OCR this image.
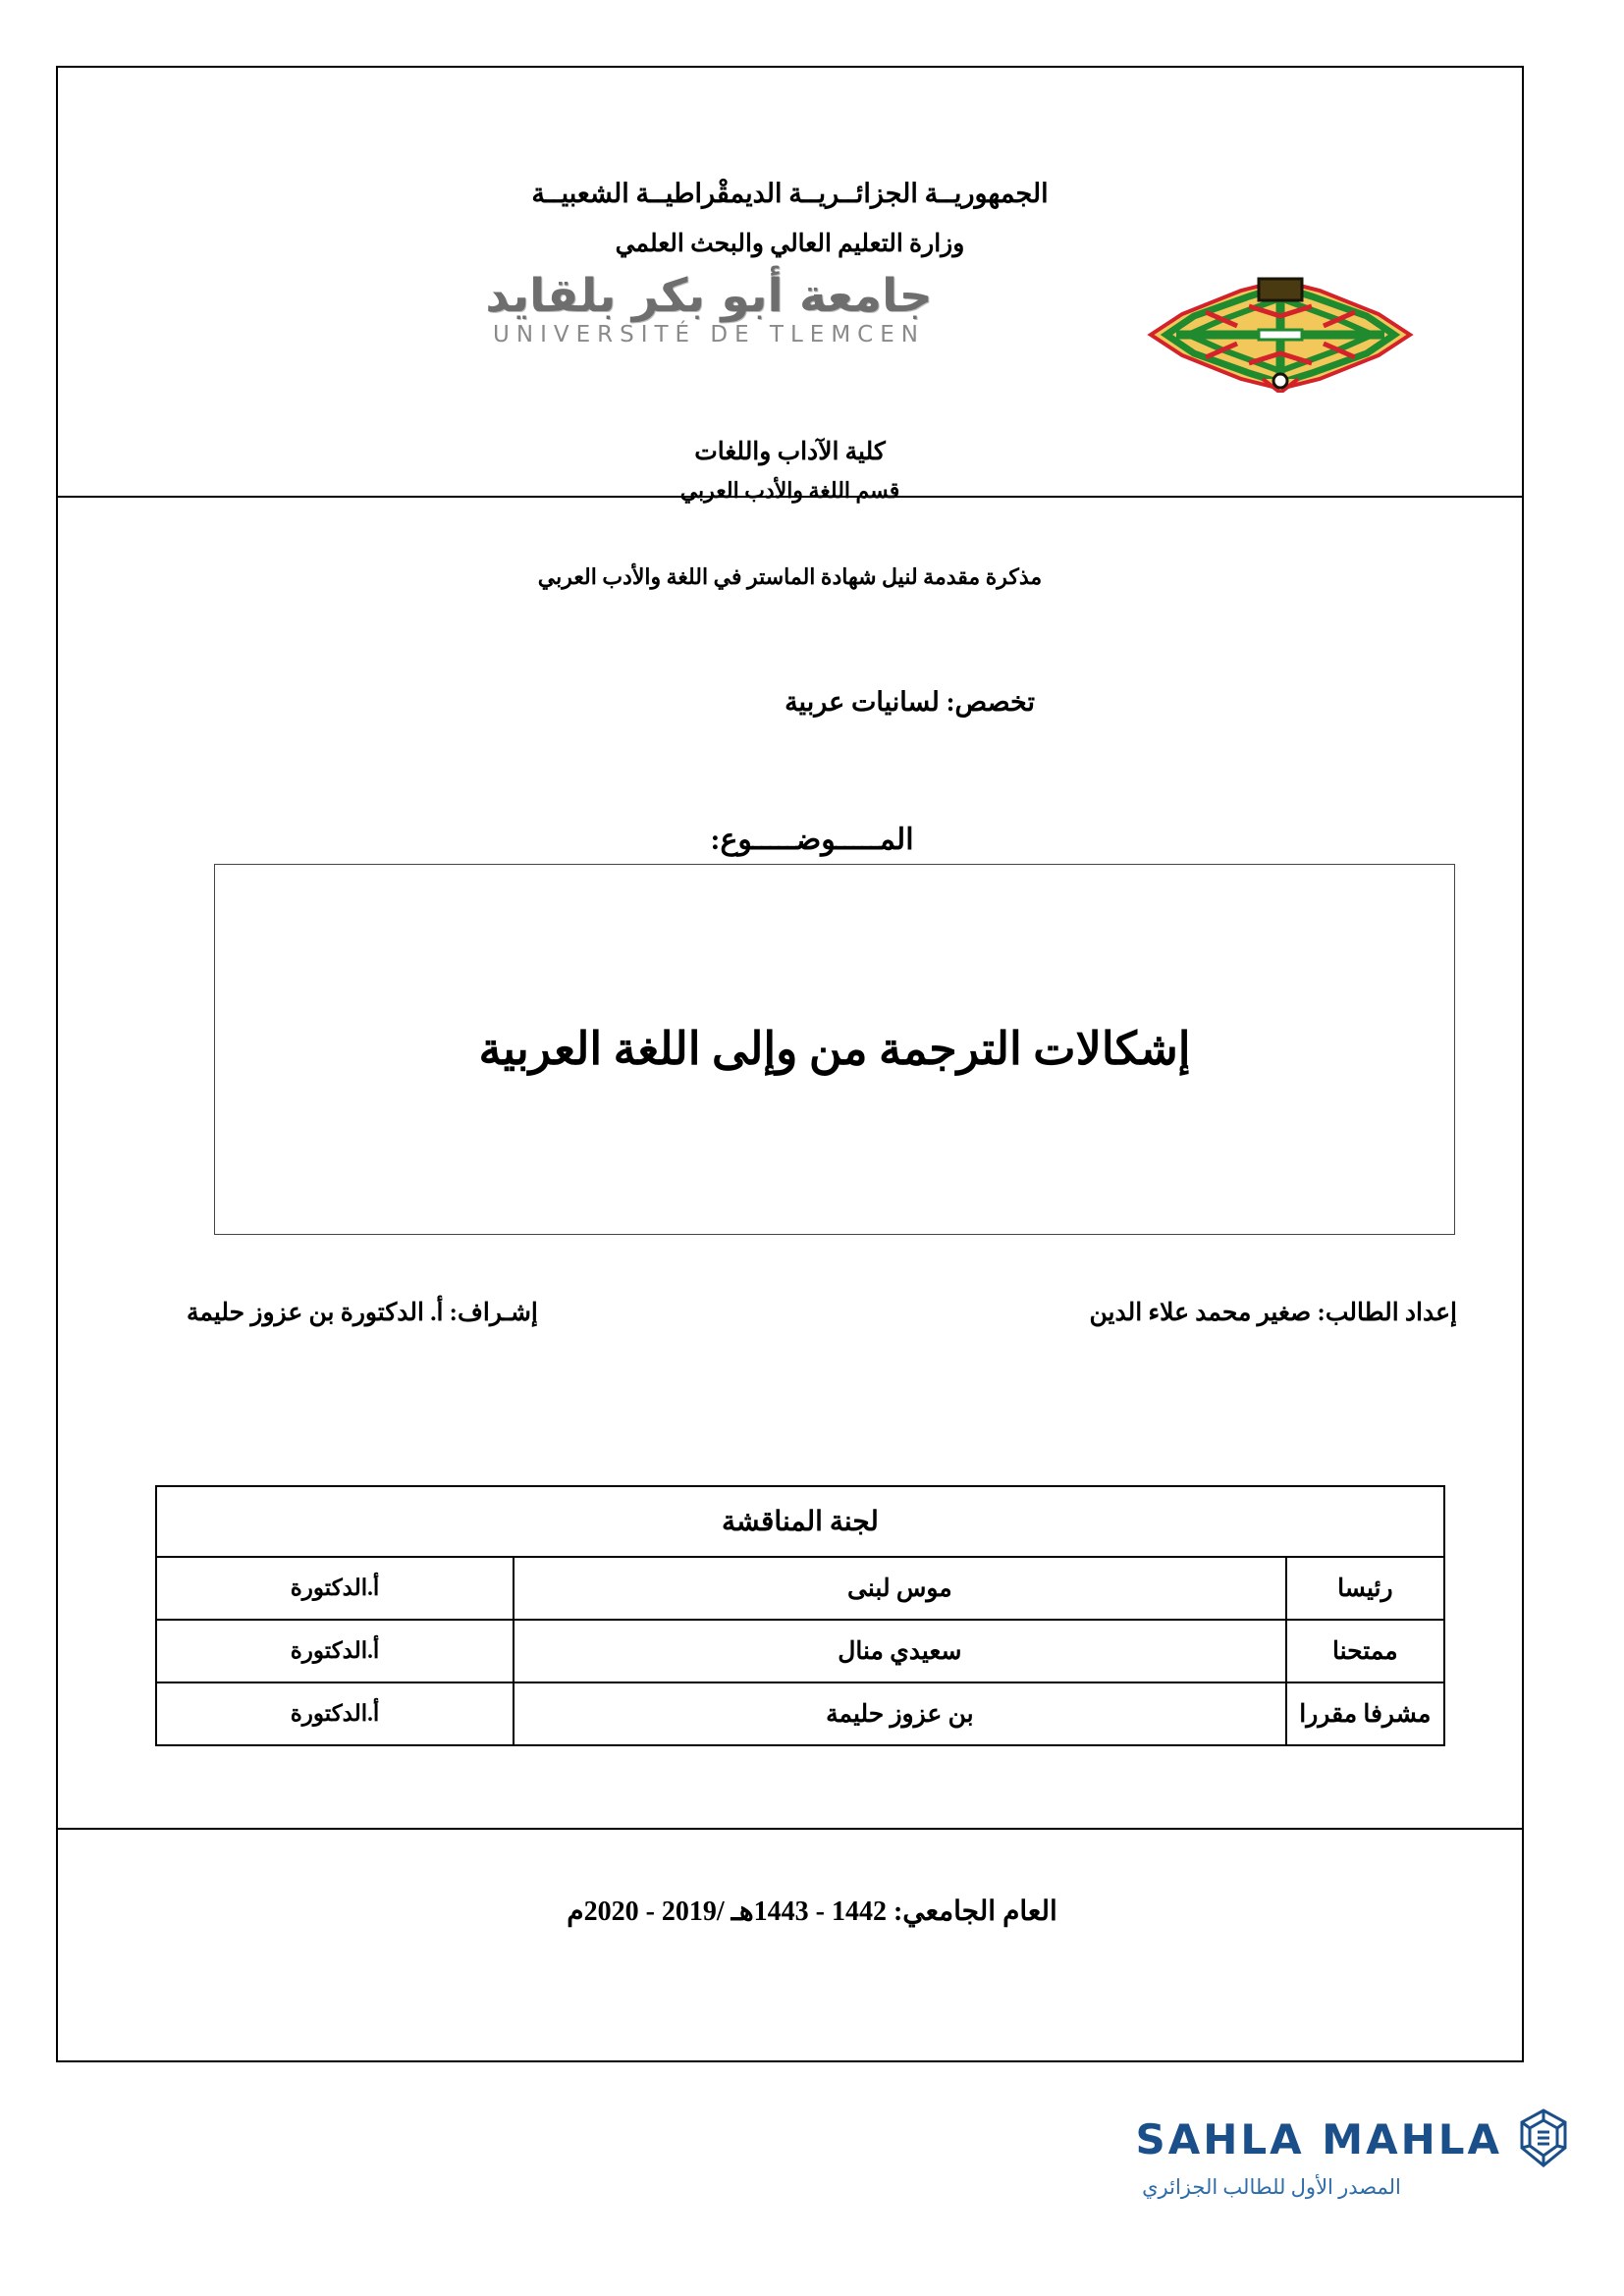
الجمهوريــة الجزائــريــة الديمقْراطيــة الشعبيــة
وزارة التعليم العالي والبحث العلمي
جامعة أبو بكر بلقايد
UNIVERSITÉ DE TLEMCEN
كلية الآداب واللغات
قسم اللغة والأدب العربي
مذكرة مقدمة لنيل شهادة الماستر في اللغة والأدب العربي
تخصص: لسانيات عربية
المـــــوضـــــوع:
إشكالات الترجمة من وإلى اللغة العربية
إعداد الطالب: صغير محمد علاء الدين
إشـراف: أ. الدكتورة بن عزوز حليمة
لجنة المناقشة		
رئيسا	موس لبنى	أ.الدكتورة
ممتحنا	سعيدي منال	أ.الدكتورة
مشرفا مقررا	بن عزوز حليمة	أ.الدكتورة
العام الجامعي: 1442 - 1443هـ /2019 - 2020م
SAHLA MAHLA
المصدر الأول للطالب الجزائري
